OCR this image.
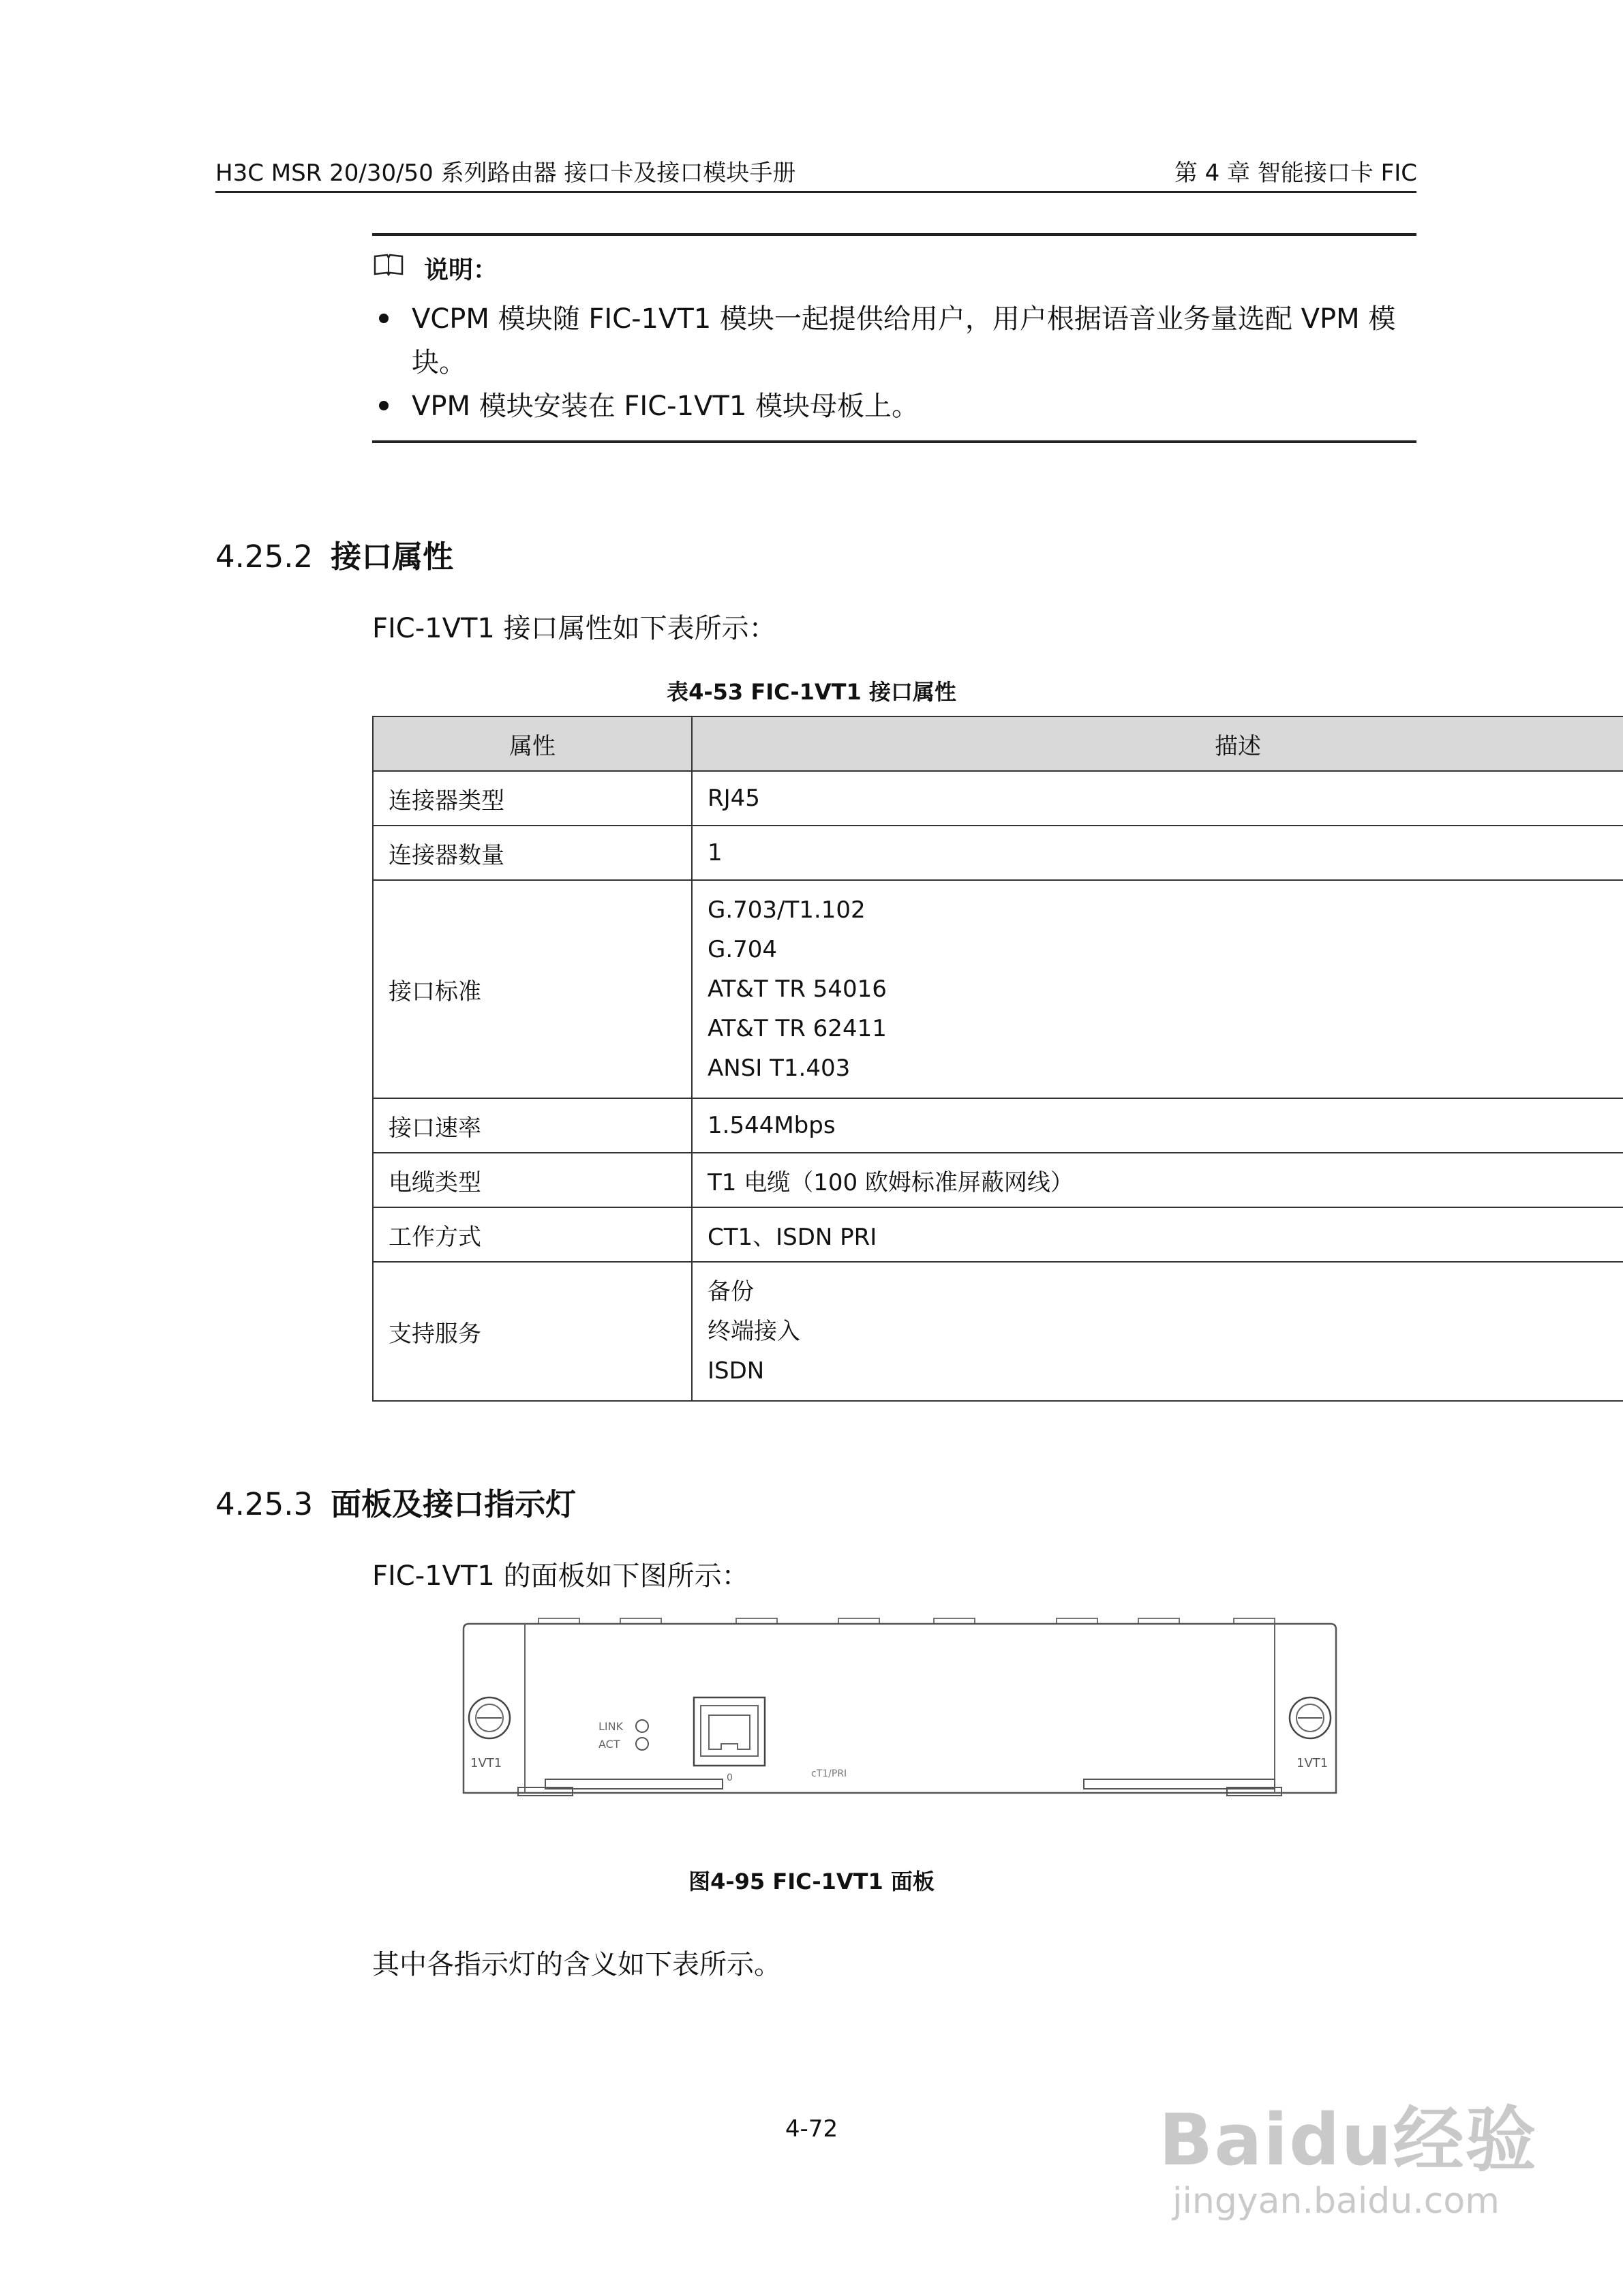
H3C MSR 20/30/50 系列路由器 接口卡及接口模块手册	第 4 章 智能接口卡 FIC
说明：
VCPM 模块随 FIC-1VT1 模块一起提供给用户，用户根据语音业务量选配 VPM 模块。
VPM 模块安装在 FIC-1VT1 模块母板上。
4.25.2 接口属性
FIC-1VT1 接口属性如下表所示：
表4-53 FIC-1VT1 接口属性
属性	描述
连接器类型	RJ45
连接器数量	1
接口标准	G.703/T1.102
G.704
AT&T TR 54016
AT&T TR 62411
ANSI T1.403

接口速率	1.544Mbps
电缆类型	T1 电缆（100 欧姆标准屏蔽网线）
工作方式	CT1、ISDN PRI
支持服务	备份
终端接入
ISDN
4.25.3 面板及接口指示灯
FIC-1VT1 的面板如下图所示：
1VT1	1VT1
LINK
ACT
0	cT1/PRI
图4-95 FIC-1VT1 面板
其中各指示灯的含义如下表所示。
4-72	Baidu经验
jingyan.baidu.com
